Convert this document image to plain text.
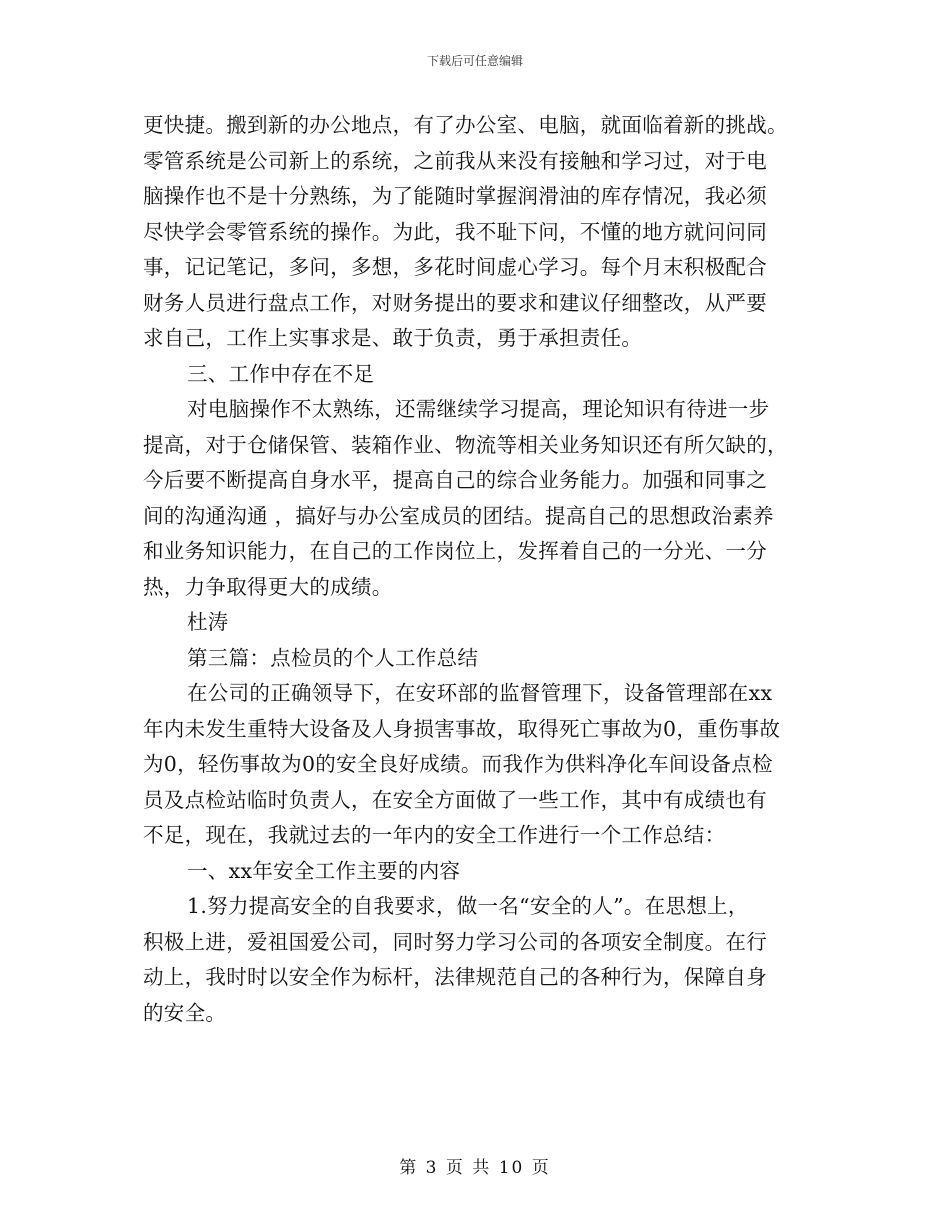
下载后可任意编辑
更快捷。搬到新的办公地点，有了办公室、电脑，就面临着新的挑战。
零管系统是公司新上的系统，之前我从来没有接触和学习过，对于电
脑操作也不是十分熟练，为了能随时掌握润滑油的库存情况，我必须
尽快学会零管系统的操作。为此，我不耻下问，不懂的地方就问问同
事，记记笔记，多问，多想，多花时间虚心学习。每个月末积极配合
财务人员进行盘点工作，对财务提出的要求和建议仔细整改，从严要
求自己，工作上实事求是、敢于负责，勇于承担责任。
三、工作中存在不足
对电脑操作不太熟练，还需继续学习提高，理论知识有待进一步
提高，对于仓储保管、装箱作业、物流等相关业务知识还有所欠缺的，
今后要不断提高自身水平，提高自己的综合业务能力。加强和同事之
间的沟通沟通 ，搞好与办公室成员的团结。提高自己的思想政治素养
和业务知识能力，在自己的工作岗位上，发挥着自己的一分光、一分
热，力争取得更大的成绩。
杜涛
第三篇：点检员的个人工作总结
在公司的正确领导下，在安环部的监督管理下，设备管理部在xx
年内未发生重特大设备及人身损害事故，取得死亡事故为0，重伤事故
为0，轻伤事故为0的安全良好成绩。而我作为供料净化车间设备点检
员及点检站临时负责人，在安全方面做了一些工作，其中有成绩也有
不足，现在，我就过去的一年内的安全工作进行一个工作总结：
一、xx年安全工作主要的内容
1.努力提高安全的自我要求，做一名“安全的人”。在思想上，
积极上进，爱祖国爱公司，同时努力学习公司的各项安全制度。在行
动上，我时时以安全作为标杆，法律规范自己的各种行为，保障自身
的安全。
第 3 页 共 10 页
